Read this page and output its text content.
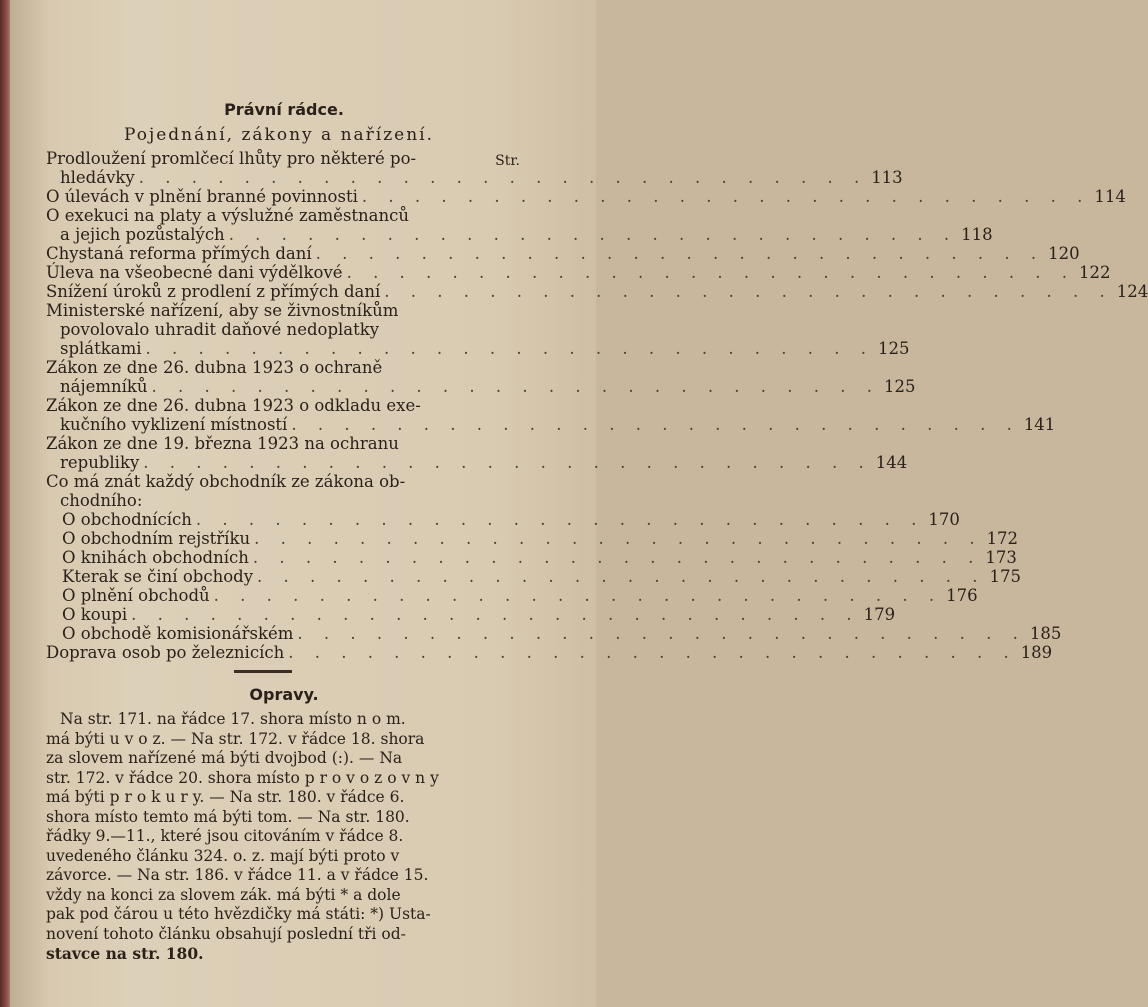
Právní rádce.
Pojednání, zákony a nařízení.
Str.
Prodloužení promlčecí lhůty pro některé po-
hledávky . . . . . . . . . . . . . . . . . . . . . . . . . . . . 113
O úlevách v plnění branné povinnosti . . . . . . . . . . . . . . . . . . . . . . . . . . . . 114
O exekuci na platy a výslužné zaměstnanců
a jejich pozůstalých . . . . . . . . . . . . . . . . . . . . . . . . . . . . 118
Chystaná reforma přímých daní . . . . . . . . . . . . . . . . . . . . . . . . . . . . 120
Úleva na všeobecné dani výdělkové . . . . . . . . . . . . . . . . . . . . . . . . . . . . 122
Snížení úroků z prodlení z přímých daní . . . . . . . . . . . . . . . . . . . . . . . . . . . . 124
Ministerské nařízení, aby se živnostníkům
povolovalo uhradit daňové nedoplatky
splátkami . . . . . . . . . . . . . . . . . . . . . . . . . . . . 125
Zákon ze dne 26. dubna 1923 o ochraně
nájemníků . . . . . . . . . . . . . . . . . . . . . . . . . . . . 125
Zákon ze dne 26. dubna 1923 o odkladu exe-
kučního vyklizení místností . . . . . . . . . . . . . . . . . . . . . . . . . . . . 141
Zákon ze dne 19. března 1923 na ochranu
republiky . . . . . . . . . . . . . . . . . . . . . . . . . . . . 144
Co má znát každý obchodník ze zákona ob-
chodního:
O obchodnících . . . . . . . . . . . . . . . . . . . . . . . . . . . . 170
O obchodním rejstříku . . . . . . . . . . . . . . . . . . . . . . . . . . . . 172
O knihách obchodních . . . . . . . . . . . . . . . . . . . . . . . . . . . . 173
Kterak se činí obchody . . . . . . . . . . . . . . . . . . . . . . . . . . . . 175
O plnění obchodů . . . . . . . . . . . . . . . . . . . . . . . . . . . . 176
O koupi . . . . . . . . . . . . . . . . . . . . . . . . . . . . 179
O obchodě komisionářském . . . . . . . . . . . . . . . . . . . . . . . . . . . . 185
Doprava osob po železnicích . . . . . . . . . . . . . . . . . . . . . . . . . . . . 189
Opravy.
Na str. 171. na řádce 17. shora místo n o m.
má býti u v o z. — Na str. 172. v řádce 18. shora
za slovem nařízené má býti dvojbod (:). — Na
str. 172. v řádce 20. shora místo p r o v o z o v n y
má býti p r o k u r y. — Na str. 180. v řádce 6.
shora místo temto má býti tom. — Na str. 180.
řádky 9.—11., které jsou citováním v řádce 8.
uvedeného článku 324. o. z. mají býti proto v
závorce. — Na str. 186. v řádce 11. a v řádce 15.
vždy na konci za slovem zák. má býti * a dole
pak pod čárou u této hvězdičky má státi: *) Usta-
novení tohoto článku obsahují poslední tři od-
stavce na str. 180.
